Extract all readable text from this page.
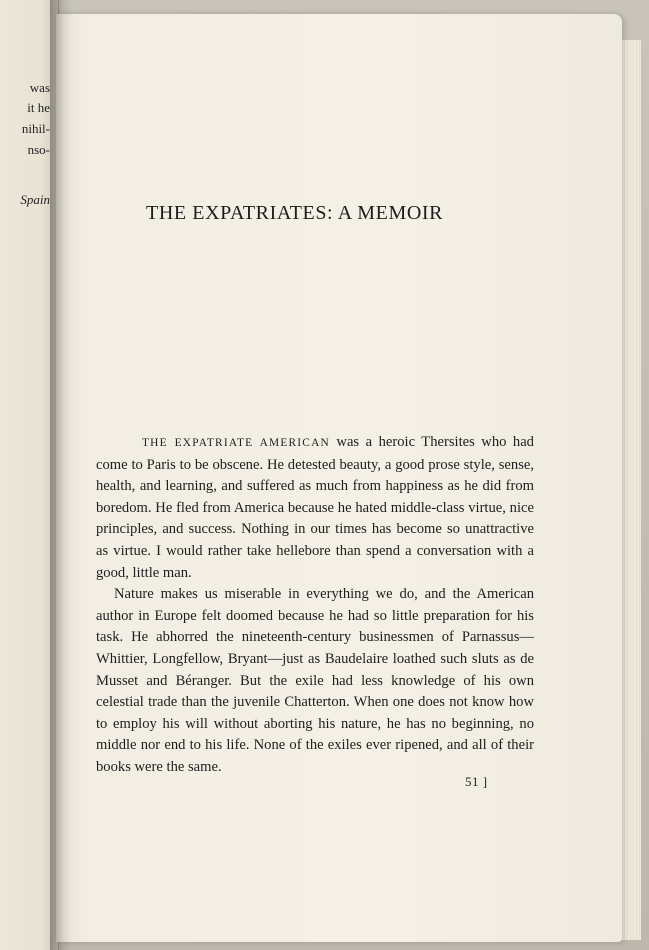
was
it he
nihil-
nso-
Spain
THE EXPATRIATES: A MEMOIR

THE EXPATRIATE AMERICAN was a heroic Thersites who had come to Paris to be obscene. He detested beauty, a good prose style, sense, health, and learning, and suffered as much from happiness as he did from boredom. He fled from America because he hated middle-class virtue, nice principles, and success. Nothing in our times has become so unattractive as virtue. I would rather take hellebore than spend a conversation with a good, little man.

Nature makes us miserable in everything we do, and the American author in Europe felt doomed because he had so little preparation for his task. He abhorred the nineteenth-century businessmen of Parnassus—Whittier, Longfellow, Bryant—just as Baudelaire loathed such sluts as de Musset and Béranger. But the exile had less knowledge of his own celestial trade than the juvenile Chatterton. When one does not know how to employ his will without aborting his nature, he has no beginning, no middle nor end to his life. None of the exiles ever ripened, and all of their books were the same.

51 ]
